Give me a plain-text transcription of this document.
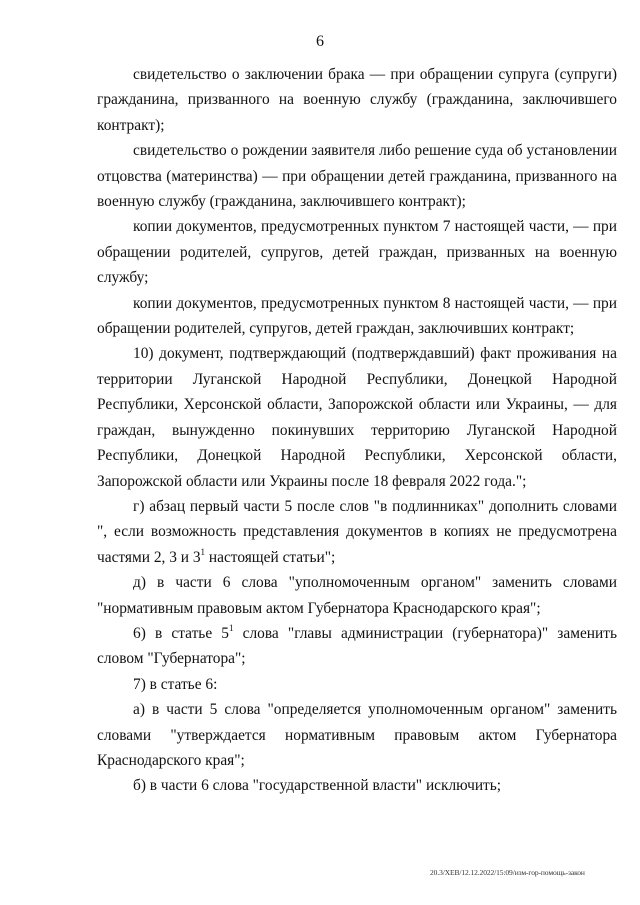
6

свидетельство о заключении брака — при обращении супруга (супруги) гражданина, призванного на военную службу (гражданина, заключившего контракт);

свидетельство о рождении заявителя либо решение суда об установлении отцовства (материнства) — при обращении детей гражданина, призванного на военную службу (гражданина, заключившего контракт);

копии документов, предусмотренных пунктом 7 настоящей части, — при обращении родителей, супругов, детей граждан, призванных на военную службу;

копии документов, предусмотренных пунктом 8 настоящей части, — при обращении родителей, супругов, детей граждан, заключивших контракт;

10) документ, подтверждающий (подтверждавший) факт проживания на территории Луганской Народной Республики, Донецкой Народной Республики, Херсонской области, Запорожской области или Украины, — для граждан, вынужденно покинувших территорию Луганской Народной Республики, Донецкой Народной Республики, Херсонской области, Запорожской области или Украины после 18 февраля 2022 года.";

г) абзац первый части 5 после слов "в подлинниках" дополнить словами ", если возможность представления документов в копиях не предусмотрена частями 2, 3 и $3^1$ настоящей статьи";

д) в части 6 слова "уполномоченным органом" заменить словами "нормативным правовым актом Губернатора Краснодарского края";

6) в статье $5^1$ слова "главы администрации (губернатора)" заменить словом "Губернатора";

7) в статье 6:

а) в части 5 слова "определяется уполномоченным органом" заменить словами "утверждается нормативным правовым актом Губернатора Краснодарского края";

б) в части 6 слова "государственной власти" исключить;

20.3/XEB/12.12.2022/15:09/изм-гор-помощь-закон
